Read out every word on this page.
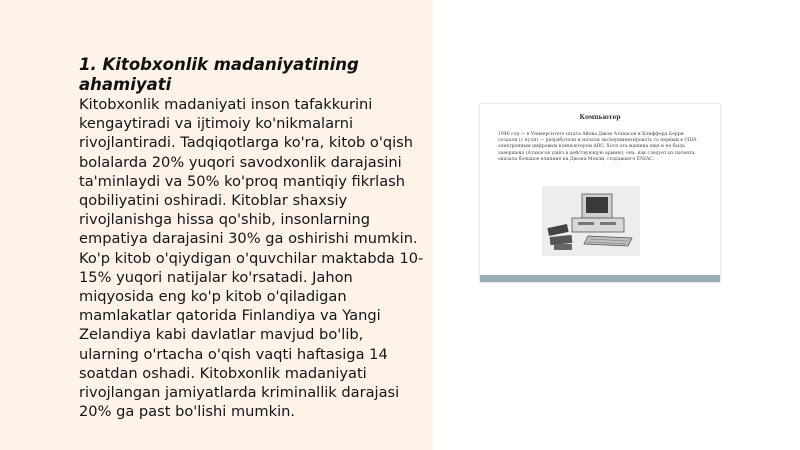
1. Kitobxonlik madaniyatining ahamiyati

Kitobxonlik madaniyati inson tafakkurini kengaytiradi va ijtimoiy ko'nikmalarni rivojlantiradi. Tadqiqotlarga ko'ra, kitob o'qish bolalarda 20% yuqori savodxonlik darajasini ta'minlaydi va 50% ko'proq mantiqiy fikrlash qobiliyatini oshiradi. Kitoblar shaxsiy rivojlanishga hissa qo'shib, insonlarning empatiya darajasini 30% ga oshirishi mumkin. Ko'p kitob o'qiydigan o'quvchilar maktabda 10-15% yuqori natijalar ko'rsatadi. Jahon miqyosida eng ko'p kitob o'qiladigan mamlakatlar qatorida Finlandiya va Yangi Zelandiya kabi davlatlar mavjud bo'lib, ularning o'rtacha o'qish vaqti haftasiga 14 soatdan oshadi. Kitobxonlik madaniyati rivojlangan jamiyatlarda kriminallik darajasi 20% ga past bo'lishi mumkin.

Компьютер
1940 год — в Университете штата Айова Джон Атанасов и Клиффорд Берри создали (с нуля) — разработали и начали экспериментировать со первым в США электронным цифровым компьютером ABC. Хотя эта машина еще и не была завершена (Атанасов ушёл в действующую армию), она, как следует из патента, оказала большое влияние на Джона Мокли, создавшего ENIAC.
